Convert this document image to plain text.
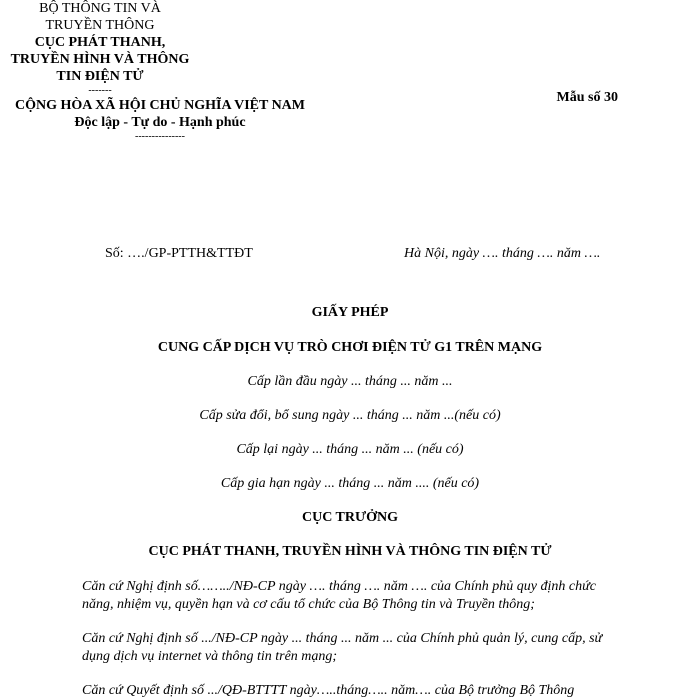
Mẫu số 30
BỘ THÔNG TIN VÀ
TRUYỀN THÔNG
CỤC PHÁT THANH,
TRUYỀN HÌNH VÀ THÔNG
TIN ĐIỆN TỬ
-------
CỘNG HÒA XÃ HỘI CHỦ NGHĨA VIỆT NAM
Độc lập - Tự do - Hạnh phúc
---------------
Số: …./GP-PTTH&TTĐT	Hà Nội, ngày …. tháng …. năm ….
GIẤY PHÉP
CUNG CẤP DỊCH VỤ TRÒ CHƠI ĐIỆN TỬ G1 TRÊN MẠNG
Cấp lần đầu ngày ... tháng ... năm ...
Cấp sửa đổi, bổ sung ngày ... tháng ... năm ...(nếu có)
Cấp lại ngày ... tháng ... năm ... (nếu có)
Cấp gia hạn ngày ... tháng ... năm .... (nếu có)
CỤC TRƯỞNG
CỤC PHÁT THANH, TRUYỀN HÌNH VÀ THÔNG TIN ĐIỆN TỬ
Căn cứ Nghị định số……../NĐ-CP ngày …. tháng …. năm …. của Chính phủ quy định chức năng, nhiệm vụ, quyền hạn và cơ cấu tổ chức của Bộ Thông tin và Truyền thông;
Căn cứ Nghị định số .../NĐ-CP ngày ... tháng ... năm ... của Chính phủ quản lý, cung cấp, sử dụng dịch vụ internet và thông tin trên mạng;
Căn cứ Quyết định số .../QĐ-BTTTT ngày…..tháng….. năm…. của Bộ trưởng Bộ Thông
